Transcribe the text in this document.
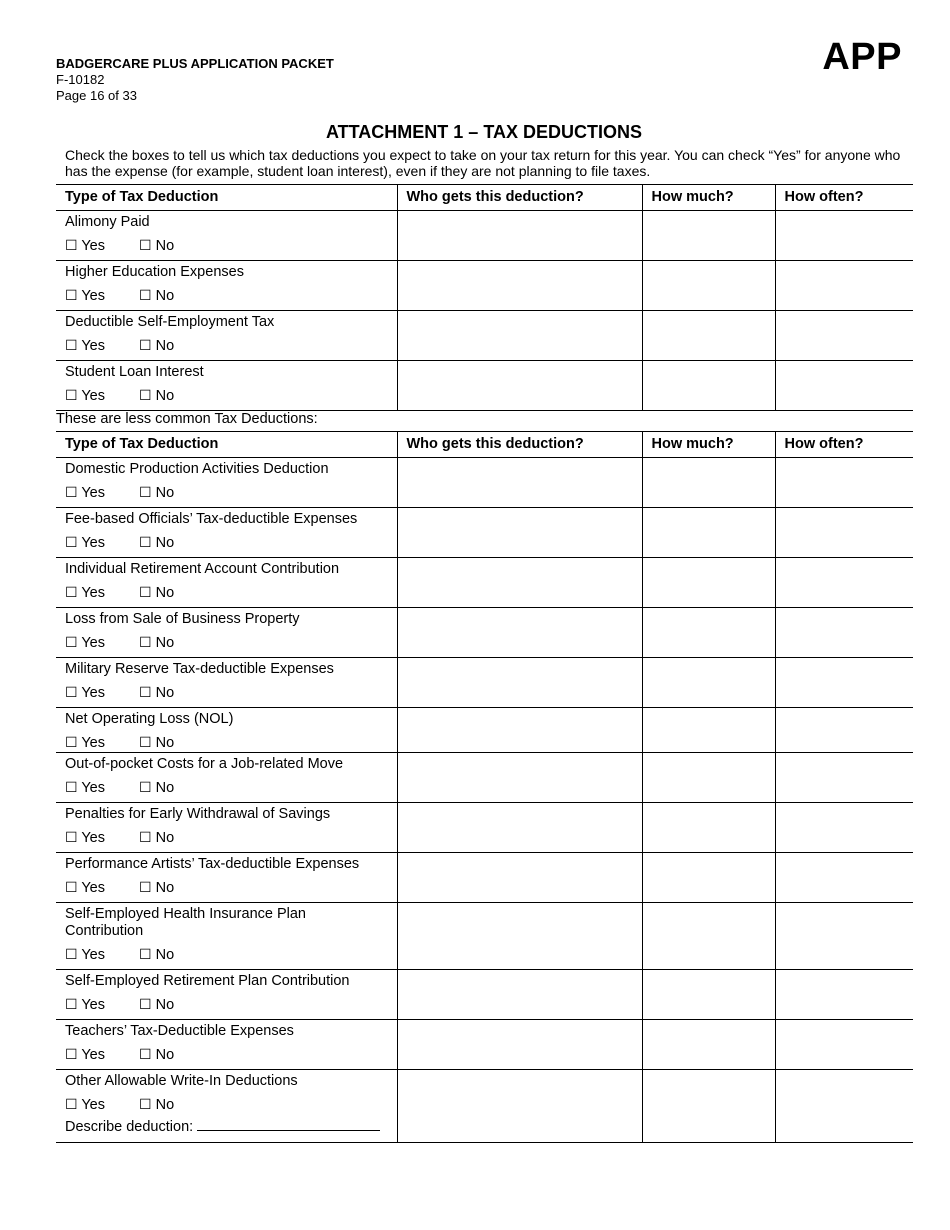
BADGERCARE PLUS APPLICATION PACKET
F-10182
Page 16 of 33
APP
ATTACHMENT 1 – TAX DEDUCTIONS
Check the boxes to tell us which tax deductions you expect to take on your tax return for this year. You can check “Yes” for anyone who has the expense (for example, student loan interest), even if they are not planning to file taxes.
Type of Tax Deduction	Who gets this deduction?	How much?	How often?

Alimony Paid
☐ Yes ☐ No			

Higher Education Expenses
☐ Yes ☐ No			

Deductible Self-Employment Tax
☐ Yes ☐ No			

Student Loan Interest
☐ Yes ☐ No			

These are less common Tax Deductions:			
Type of Tax Deduction	Who gets this deduction?	How much?	How often?

Domestic Production Activities Deduction
☐ Yes ☐ No			

Fee-based Officials’ Tax-deductible Expenses
☐ Yes ☐ No			

Individual Retirement Account Contribution
☐ Yes ☐ No			

Loss from Sale of Business Property
☐ Yes ☐ No			

Military Reserve Tax-deductible Expenses
☐ Yes ☐ No			

Net Operating Loss (NOL)
☐ Yes ☐ No			

Out-of-pocket Costs for a Job-related Move
☐ Yes ☐ No			

Penalties for Early Withdrawal of Savings
☐ Yes ☐ No			

Performance Artists’ Tax-deductible Expenses
☐ Yes ☐ No			

Self-Employed Health Insurance Plan Contribution
☐ Yes ☐ No			

Self-Employed Retirement Plan Contribution
☐ Yes ☐ No			

Teachers’ Tax-Deductible Expenses
☐ Yes ☐ No			

Other Allowable Write-In Deductions
☐ Yes ☐ No
Describe deduction:			
